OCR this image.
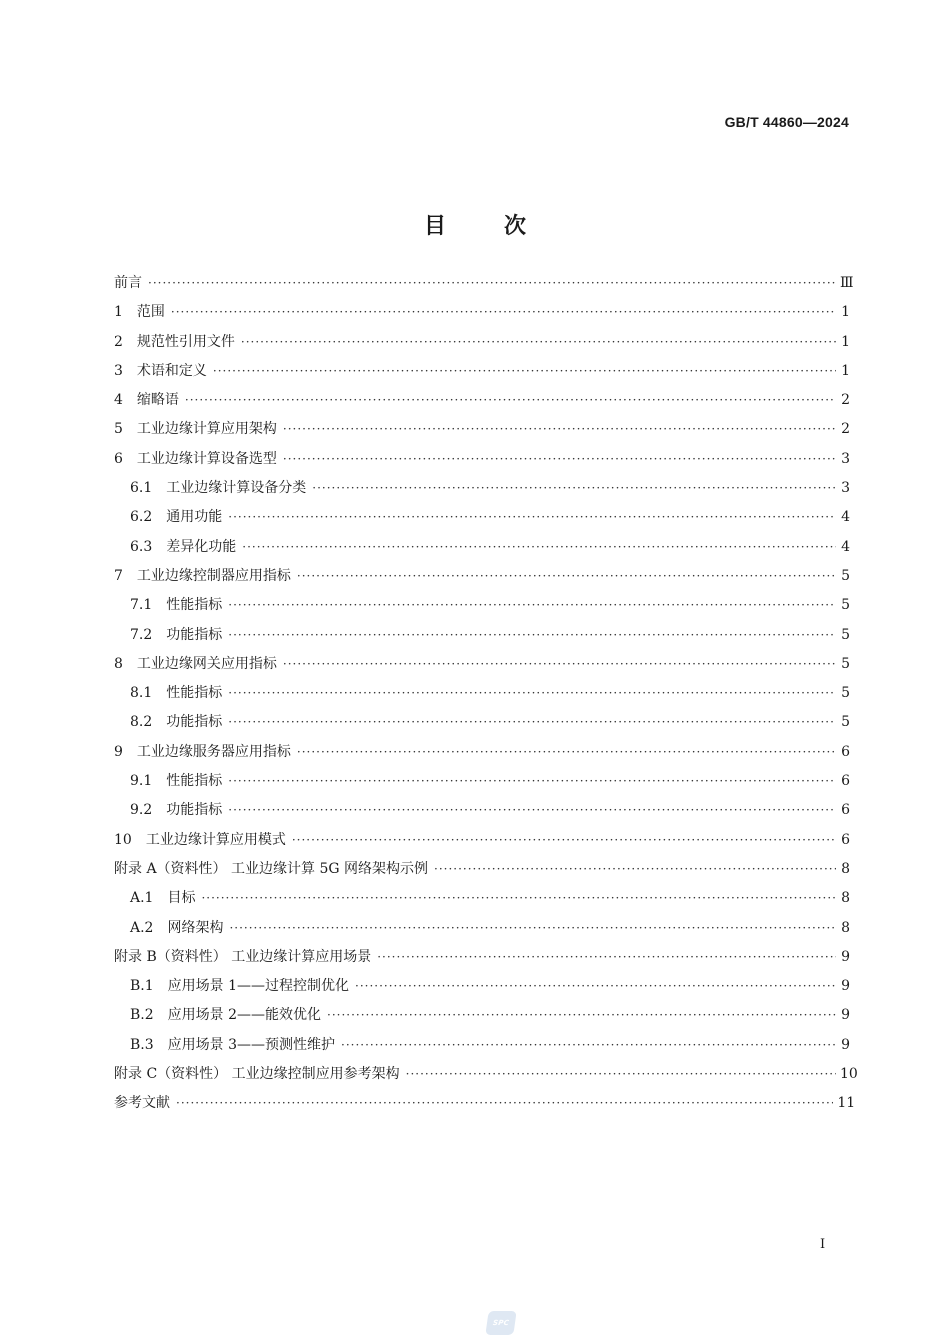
GB/T 44860—2024
目次
前言 ·····	Ⅲ
1	范围 ·····	1
2	规范性引用文件 ·····	1
3	术语和定义 ·····	1
4	缩略语 ·····	2
5	工业边缘计算应用架构 ·····	2
6	工业边缘计算设备选型 ·····	3
6.1	工业边缘计算设备分类 ·····	3
6.2	通用功能 ·····	4
6.3	差异化功能 ·····	4
7	工业边缘控制器应用指标 ·····	5
7.1	性能指标 ·····	5
7.2	功能指标 ·····	5
8	工业边缘网关应用指标 ·····	5
8.1	性能指标 ·····	5
8.2	功能指标 ·····	5
9	工业边缘服务器应用指标 ·····	6
9.1	性能指标 ·····	6
9.2	功能指标 ·····	6
10	工业边缘计算应用模式 ·····	6
附录 A（资料性） 工业边缘计算 5G 网络架构示例 ·····	8
A.1	目标 ·····	8
A.2	网络架构 ·····	8
附录 B（资料性） 工业边缘计算应用场景 ·····	9
B.1	应用场景 1——过程控制优化 ·····	9
B.2	应用场景 2——能效优化 ·····	9
B.3	应用场景 3——预测性维护 ·····	9
附录 C（资料性） 工业边缘控制应用参考架构 ·····	10
参考文献 ·····	11
Ⅰ
SPC
